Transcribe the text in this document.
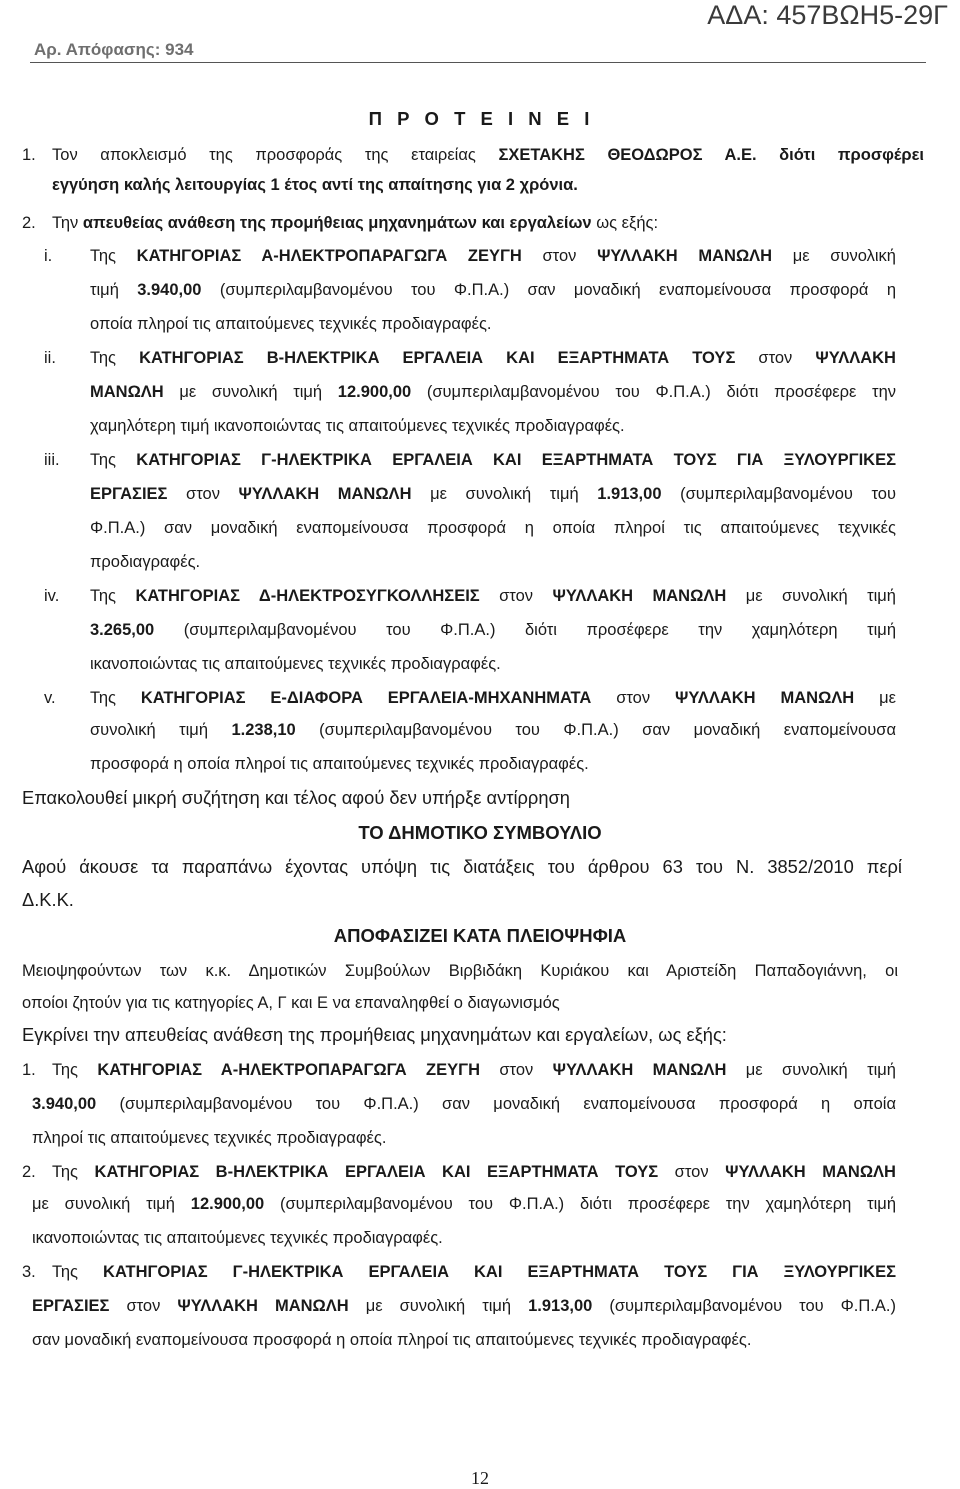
ΑΔΑ: 457ΒΩΗ5-29Γ
Αρ. Απόφασης: 934
Π Ρ Ο Τ Ε Ι Ν Ε Ι
1. Τον αποκλεισμό της προσφοράς της εταιρείας ΣΧΕΤΑΚΗΣ ΘΕΟΔΩΡΟΣ Α.Ε. διότι προσφέρει
εγγύηση καλής λειτουργίας 1 έτος αντί της απαίτησης για 2 χρόνια.
2. Την απευθείας ανάθεση της προμήθειας μηχανημάτων και εργαλείων ως εξής:
i. Της ΚΑΤΗΓΟΡΙΑΣ Α-ΗΛΕΚΤΡΟΠΑΡΑΓΩΓΑ ΖΕΥΓΗ στον ΨΥΛΛΑΚΗ ΜΑΝΩΛΗ με συνολική
τιμή 3.940,00 (συμπεριλαμβανομένου του Φ.Π.Α.) σαν μοναδική εναπομείνουσα προσφορά η
οποία πληροί τις απαιτούμενες τεχνικές προδιαγραφές.
ii. Της ΚΑΤΗΓΟΡΙΑΣ Β-ΗΛΕΚΤΡΙΚΑ ΕΡΓΑΛΕΙΑ ΚΑΙ ΕΞΑΡΤΗΜΑΤΑ ΤΟΥΣ στον ΨΥΛΛΑΚΗ
ΜΑΝΩΛΗ με συνολική τιμή 12.900,00 (συμπεριλαμβανομένου του Φ.Π.Α.) διότι προσέφερε την
χαμηλότερη τιμή ικανοποιώντας τις απαιτούμενες τεχνικές προδιαγραφές.
iii. Της ΚΑΤΗΓΟΡΙΑΣ Γ-ΗΛΕΚΤΡΙΚΑ ΕΡΓΑΛΕΙΑ ΚΑΙ ΕΞΑΡΤΗΜΑΤΑ ΤΟΥΣ ΓΙΑ ΞΥΛΟΥΡΓΙΚΕΣ
ΕΡΓΑΣΙΕΣ στον ΨΥΛΛΑΚΗ ΜΑΝΩΛΗ με συνολική τιμή 1.913,00 (συμπεριλαμβανομένου του
Φ.Π.Α.) σαν μοναδική εναπομείνουσα προσφορά η οποία πληροί τις απαιτούμενες τεχνικές
προδιαγραφές.
iv. Της ΚΑΤΗΓΟΡΙΑΣ Δ-ΗΛΕΚΤΡΟΣΥΓΚΟΛΛΗΣΕΙΣ στον ΨΥΛΛΑΚΗ ΜΑΝΩΛΗ με συνολική τιμή
3.265,00 (συμπεριλαμβανομένου του Φ.Π.Α.) διότι προσέφερε την χαμηλότερη τιμή
ικανοποιώντας τις απαιτούμενες τεχνικές προδιαγραφές.
v. Της ΚΑΤΗΓΟΡΙΑΣ Ε-ΔΙΑΦΟΡΑ ΕΡΓΑΛΕΙΑ-ΜΗΧΑΝΗΜΑΤΑ στον ΨΥΛΛΑΚΗ ΜΑΝΩΛΗ με
συνολική τιμή 1.238,10 (συμπεριλαμβανομένου του Φ.Π.Α.) σαν μοναδική εναπομείνουσα
προσφορά η οποία πληροί τις απαιτούμενες τεχνικές προδιαγραφές.
Επακολουθεί μικρή συζήτηση και τέλος αφού δεν υπήρξε αντίρρηση
ΤΟ ΔΗΜΟΤΙΚΟ ΣΥΜΒΟΥΛΙΟ
Αφού άκουσε τα παραπάνω έχοντας υπόψη τις διατάξεις του άρθρου 63 του Ν. 3852/2010 περί
Δ.Κ.Κ.
ΑΠΟΦΑΣΙΖΕΙ ΚΑΤΑ ΠΛΕΙΟΨΗΦΙΑ
Μειοψηφούντων των κ.κ. Δημοτικών Συμβούλων Βιρβιδάκη Κυριάκου και Αριστείδη Παπαδογιάννη, οι
οποίοι ζητούν για τις κατηγορίες Α, Γ και Ε να επαναληφθεί ο διαγωνισμός
Εγκρίνει την απευθείας ανάθεση της προμήθειας μηχανημάτων και εργαλείων, ως εξής:
1. Της ΚΑΤΗΓΟΡΙΑΣ Α-ΗΛΕΚΤΡΟΠΑΡΑΓΩΓΑ ΖΕΥΓΗ στον ΨΥΛΛΑΚΗ ΜΑΝΩΛΗ με συνολική τιμή
3.940,00 (συμπεριλαμβανομένου του Φ.Π.Α.) σαν μοναδική εναπομείνουσα προσφορά η οποία
πληροί τις απαιτούμενες τεχνικές προδιαγραφές.
2. Της ΚΑΤΗΓΟΡΙΑΣ Β-ΗΛΕΚΤΡΙΚΑ ΕΡΓΑΛΕΙΑ ΚΑΙ ΕΞΑΡΤΗΜΑΤΑ ΤΟΥΣ στον ΨΥΛΛΑΚΗ ΜΑΝΩΛΗ
με συνολική τιμή 12.900,00 (συμπεριλαμβανομένου του Φ.Π.Α.) διότι προσέφερε την χαμηλότερη τιμή
ικανοποιώντας τις απαιτούμενες τεχνικές προδιαγραφές.
3. Της ΚΑΤΗΓΟΡΙΑΣ Γ-ΗΛΕΚΤΡΙΚΑ ΕΡΓΑΛΕΙΑ ΚΑΙ ΕΞΑΡΤΗΜΑΤΑ ΤΟΥΣ ΓΙΑ ΞΥΛΟΥΡΓΙΚΕΣ
ΕΡΓΑΣΙΕΣ στον ΨΥΛΛΑΚΗ ΜΑΝΩΛΗ με συνολική τιμή 1.913,00 (συμπεριλαμβανομένου του Φ.Π.Α.)
σαν μοναδική εναπομείνουσα προσφορά η οποία πληροί τις απαιτούμενες τεχνικές προδιαγραφές.
12
